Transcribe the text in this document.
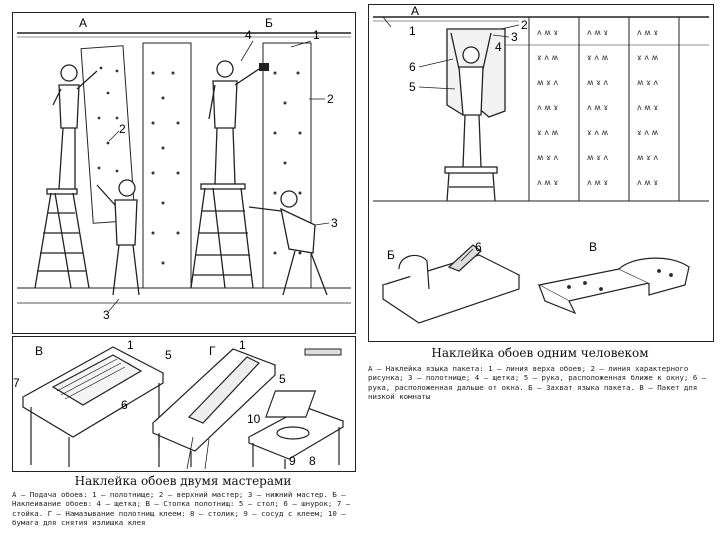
А	Б
1
2
2
3
3
4
В	Г
1	1
5
5
6
7
8
9
10
Наклейка обоев двумя мастерами
А — Подача обоев: 1 — полотнище; 2 — верхний мастер; 3 — нижний мастер. Б — Наклеивание обоев: 4 — щетка; В — Стопка полотнищ: 5 — стол; 6 — шнурок; 7 — стойка. Г — Намазывание полотнищ клеем: 8 — столик; 9 — сосуд с клеем; 10 — бумага для снятия излишка клея
ʌ ʍ ɤ	ʌ ʍ ɤ	ʌ ʍ ɤ
ɤ ʌ ʍ	ɤ ʌ ʍ	ɤ ʌ ʍ
ʍ ɤ ʌ	ʍ ɤ ʌ	ʍ ɤ ʌ
ʌ ʍ ɤ	ʌ ʍ ɤ	ʌ ʍ ɤ
ɤ ʌ ʍ	ɤ ʌ ʍ	ɤ ʌ ʍ
ʍ ɤ ʌ	ʍ ɤ ʌ	ʍ ɤ ʌ
ʌ ʍ ɤ	ʌ ʍ ɤ	ʌ ʍ ɤ
А
Б
В
1	2
3
4
5
6
6
Наклейка обоев одним человеком
А — Наклейка языка пакета: 1 — линия верха обоев; 2 — линия характерного рисунка; 3 — полотнище; 4 — щетка; 5 — рука, расположенная ближе к окну; 6 — рука, расположенная дальше от окна. Б — Захват языка пакета. В — Пакет для низкой комнаты
